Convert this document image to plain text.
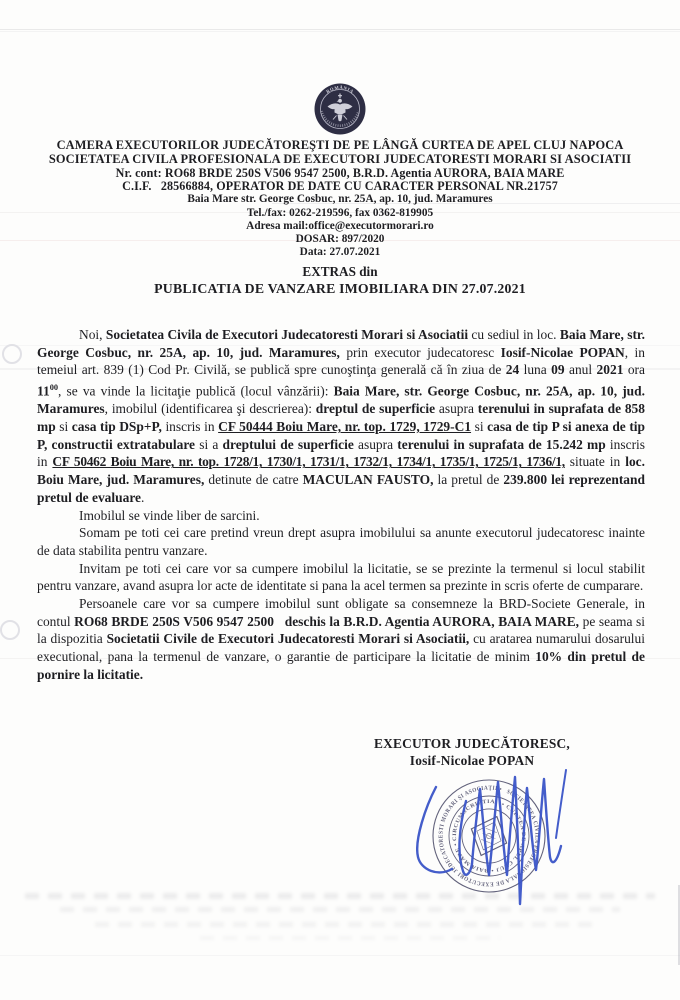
ROMÂNIA
CAMERA EXECUTORILOR JUDECĂTOREŞTI DE PE LÂNGĂ CURTEA DE APEL CLUJ NAPOCA
SOCIETATEA CIVILA PROFESIONALA DE EXECUTORI JUDECATORESTI MORARI SI ASOCIATII
Nr. cont: RO68 BRDE 250S V506 9547 2500, B.R.D. Agentia AURORA, BAIA MARE
C.I.F.   28566884, OPERATOR DE DATE CU CARACTER PERSONAL NR.21757
Baia Mare str. George Cosbuc, nr. 25A, ap. 10, jud. Maramures
Tel./fax: 0262-219596, fax 0362-819905
Adresa mail:office@executormorari.ro
DOSAR: 897/2020
Data: 27.07.2021
EXTRAS din
PUBLICATIA DE VANZARE IMOBILIARA DIN 27.07.2021

Noi, Societatea Civila de Executori Judecatoresti Morari si Asociatii cu sediul in loc. Baia Mare, str. George Cosbuc, nr. 25A, ap. 10, jud. Maramures, prin executor judecatoresc Iosif-Nicolae POPAN, in temeiul art. 839 (1) Cod Pr. Civilă, se publică spre cunoştinţa generală că în ziua de 24 luna 09 anul 2021 ora $11^{00}$, se va vinde la licitaţie publică (locul vânzării): Baia Mare, str. George Cosbuc, nr. 25A, ap. 10, jud. Maramures, imobilul (identificarea şi descrierea): dreptul de superficie asupra terenului in suprafata de 858 mp si casa tip DSp+P, inscris in CF 50444 Boiu Mare, nr. top. 1729, 1729-C1 si casa de tip P si anexa de tip P, constructii extratabulare si a dreptului de superficie asupra terenului in suprafata de 15.242 mp inscris in CF 50462 Boiu Mare, nr. top. 1728/1, 1730/1, 1731/1, 1732/1, 1734/1, 1735/1, 1725/1, 1736/1, situate in loc. Boiu Mare, jud. Maramures, detinute de catre MACULAN FAUSTO, la pretul de 239.800 lei reprezentand pretul de evaluare.

Imobilul se vinde liber de sarcini.

Somam pe toti cei care pretind vreun drept asupra imobilului sa anunte executorul judecatoresc inainte de data stabilita pentru vanzare.

Invitam pe toti cei care vor sa cumpere imobilul la licitatie, se se prezinte la termenul si locul stabilit pentru vanzare, avand asupra lor acte de identitate si pana la acel termen sa prezinte in scris oferte de cumparare.

Persoanele care vor sa cumpere imobilul sunt obligate sa consemneze la BRD-Societe Generale, in contul RO68 BRDE 250S V506 9547 2500 deschis la B.R.D. Agentia AURORA, BAIA MARE, pe seama si la dispozitia Societatii Civile de Executori Judecatoresti Morari si Asociatii, cu aratarea numarului dosarului executional, pana la termenul de vanzare, o garantie de participare la licitatie de minim 10% din pretul de pornire la licitatie.

EXECUTOR JUDECĂTORESC,
Iosif-Nicolae POPAN
SOCIETATEA CIVILA PROFESIONALA DE EXECUTORI JUDECATORESTI MORARI ŞI ASOCIAŢII •
• CURTEA DE APEL CLUJ • BAIA MARE • CIRCUMSCRIPTIA
